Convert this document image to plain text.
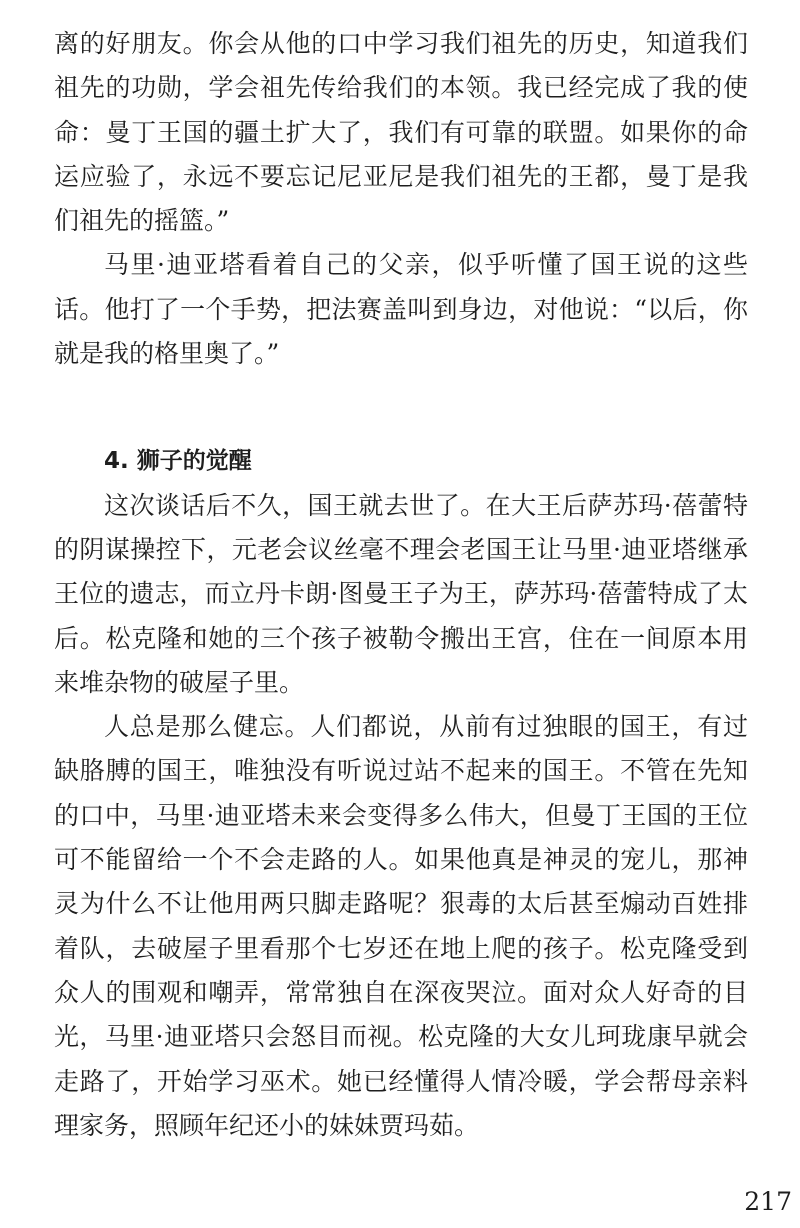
离的好朋友。你会从他的口中学习我们祖先的历史，知道我们祖先的功勋，学会祖先传给我们的本领。我已经完成了我的使命：曼丁王国的疆土扩大了，我们有可靠的联盟。如果你的命运应验了，永远不要忘记尼亚尼是我们祖先的王都，曼丁是我们祖先的摇篮。”

马里·迪亚塔看着自己的父亲，似乎听懂了国王说的这些话。他打了一个手势，把法赛盖叫到身边，对他说：“以后，你就是我的格里奥了。”

4. 狮子的觉醒

这次谈话后不久，国王就去世了。在大王后萨苏玛·蓓蕾特的阴谋操控下，元老会议丝毫不理会老国王让马里·迪亚塔继承王位的遗志，而立丹卡朗·图曼王子为王，萨苏玛·蓓蕾特成了太后。松克隆和她的三个孩子被勒令搬出王宫，住在一间原本用来堆杂物的破屋子里。

人总是那么健忘。人们都说，从前有过独眼的国王，有过缺胳膊的国王，唯独没有听说过站不起来的国王。不管在先知的口中，马里·迪亚塔未来会变得多么伟大，但曼丁王国的王位可不能留给一个不会走路的人。如果他真是神灵的宠儿，那神灵为什么不让他用两只脚走路呢？狠毒的太后甚至煽动百姓排着队，去破屋子里看那个七岁还在地上爬的孩子。松克隆受到众人的围观和嘲弄，常常独自在深夜哭泣。面对众人好奇的目光，马里·迪亚塔只会怒目而视。松克隆的大女儿珂珑康早就会走路了，开始学习巫术。她已经懂得人情冷暖，学会帮母亲料理家务，照顾年纪还小的妹妹贾玛茹。

217
